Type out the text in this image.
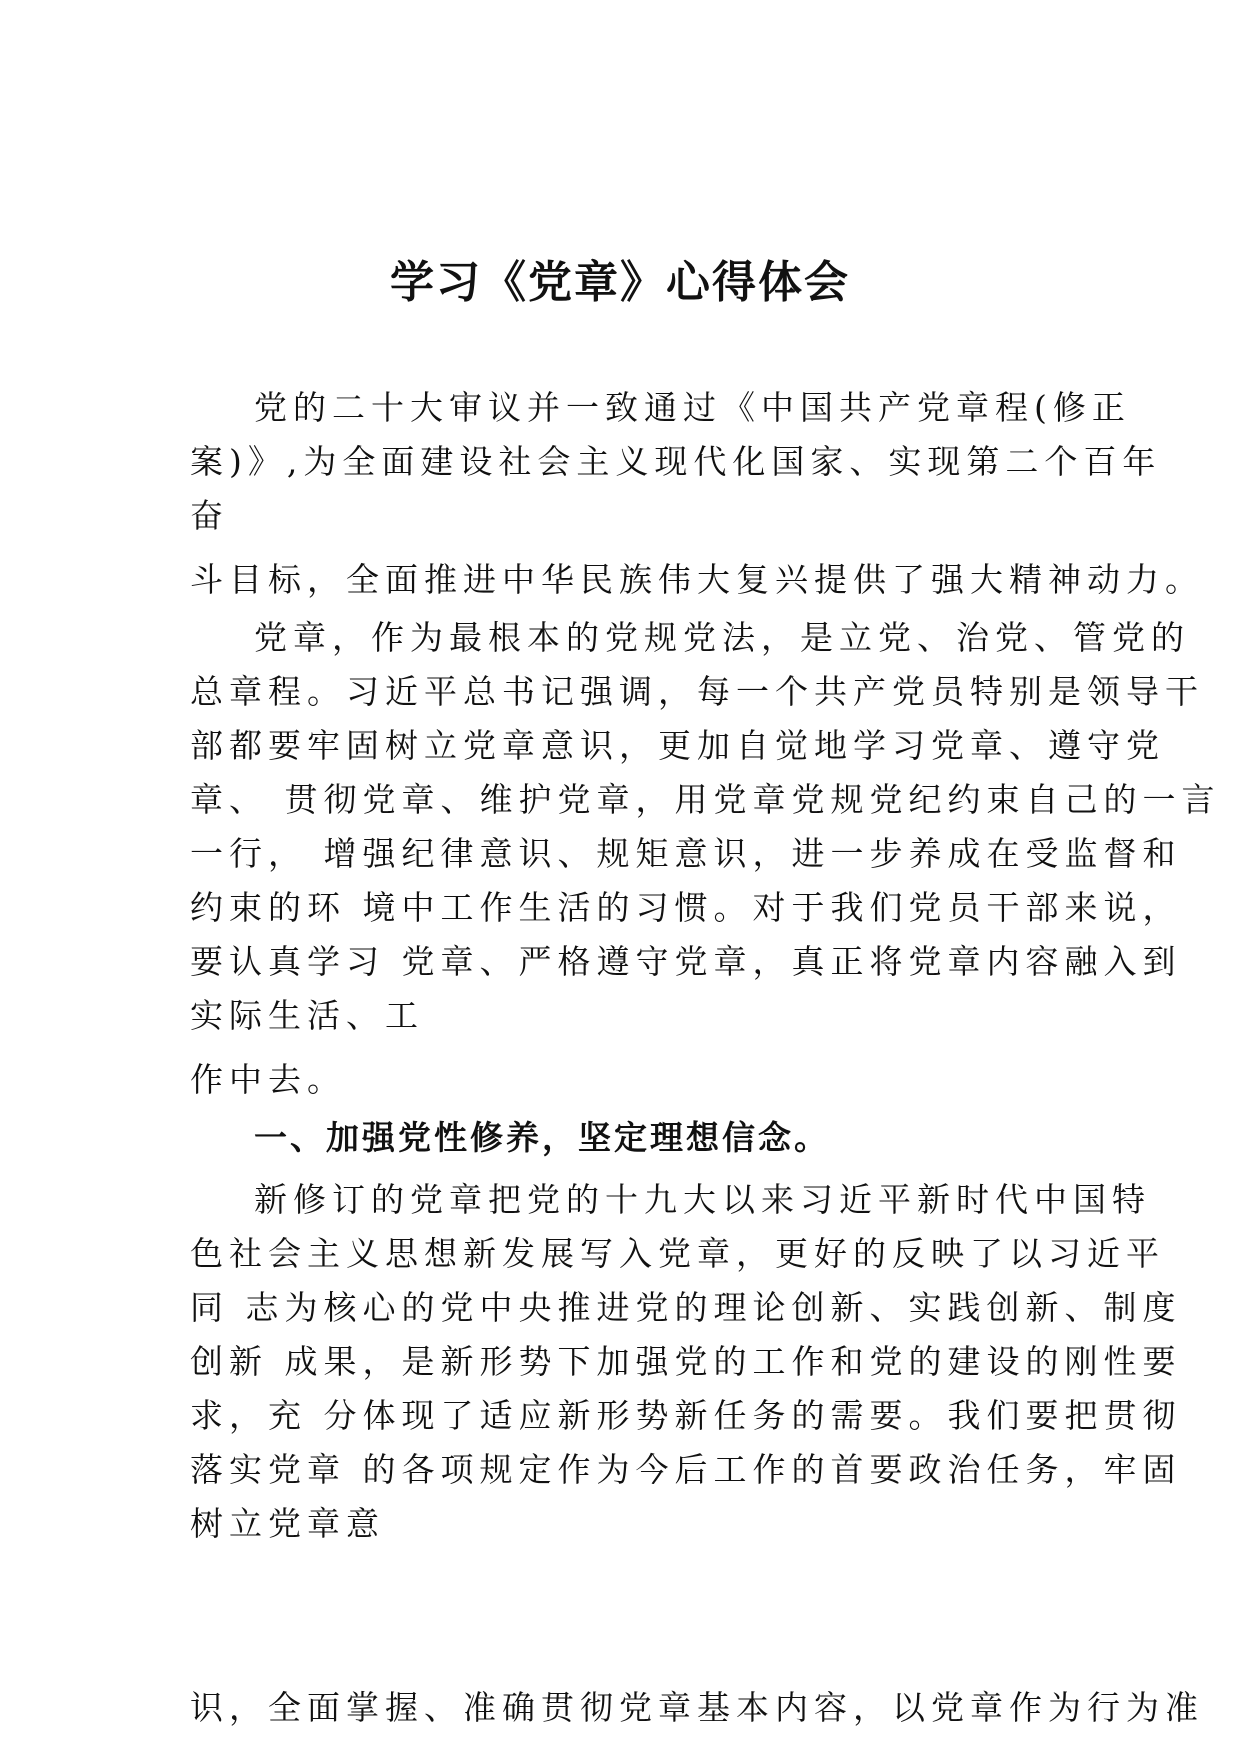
学习《党章》心得体会
党的二十大审议并一致通过《中国共产党章程(修正
案)》,为全面建设社会主义现代化国家、实现第二个百年
奋
斗目标，全面推进中华民族伟大复兴提供了强大精神动力。
党章，作为最根本的党规党法，是立党、治党、管党的
总章程。习近平总书记强调，每一个共产党员特别是领导干
部都要牢固树立党章意识，更加自觉地学习党章、遵守党
章、 贯彻党章、维护党章，用党章党规党纪约束自己的一言
一行， 增强纪律意识、规矩意识，进一步养成在受监督和
约束的环 境中工作生活的习惯。对于我们党员干部来说，
要认真学习 党章、严格遵守党章，真正将党章内容融入到
实际生活、工
作中去。
一、加强党性修养，坚定理想信念。
新修订的党章把党的十九大以来习近平新时代中国特
色社会主义思想新发展写入党章，更好的反映了以习近平
同 志为核心的党中央推进党的理论创新、实践创新、制度
创新 成果，是新形势下加强党的工作和党的建设的刚性要
求，充 分体现了适应新形势新任务的需要。我们要把贯彻
落实党章 的各项规定作为今后工作的首要政治任务，牢固
树立党章意
识，全面掌握、准确贯彻党章基本内容，以党章作为行为准
